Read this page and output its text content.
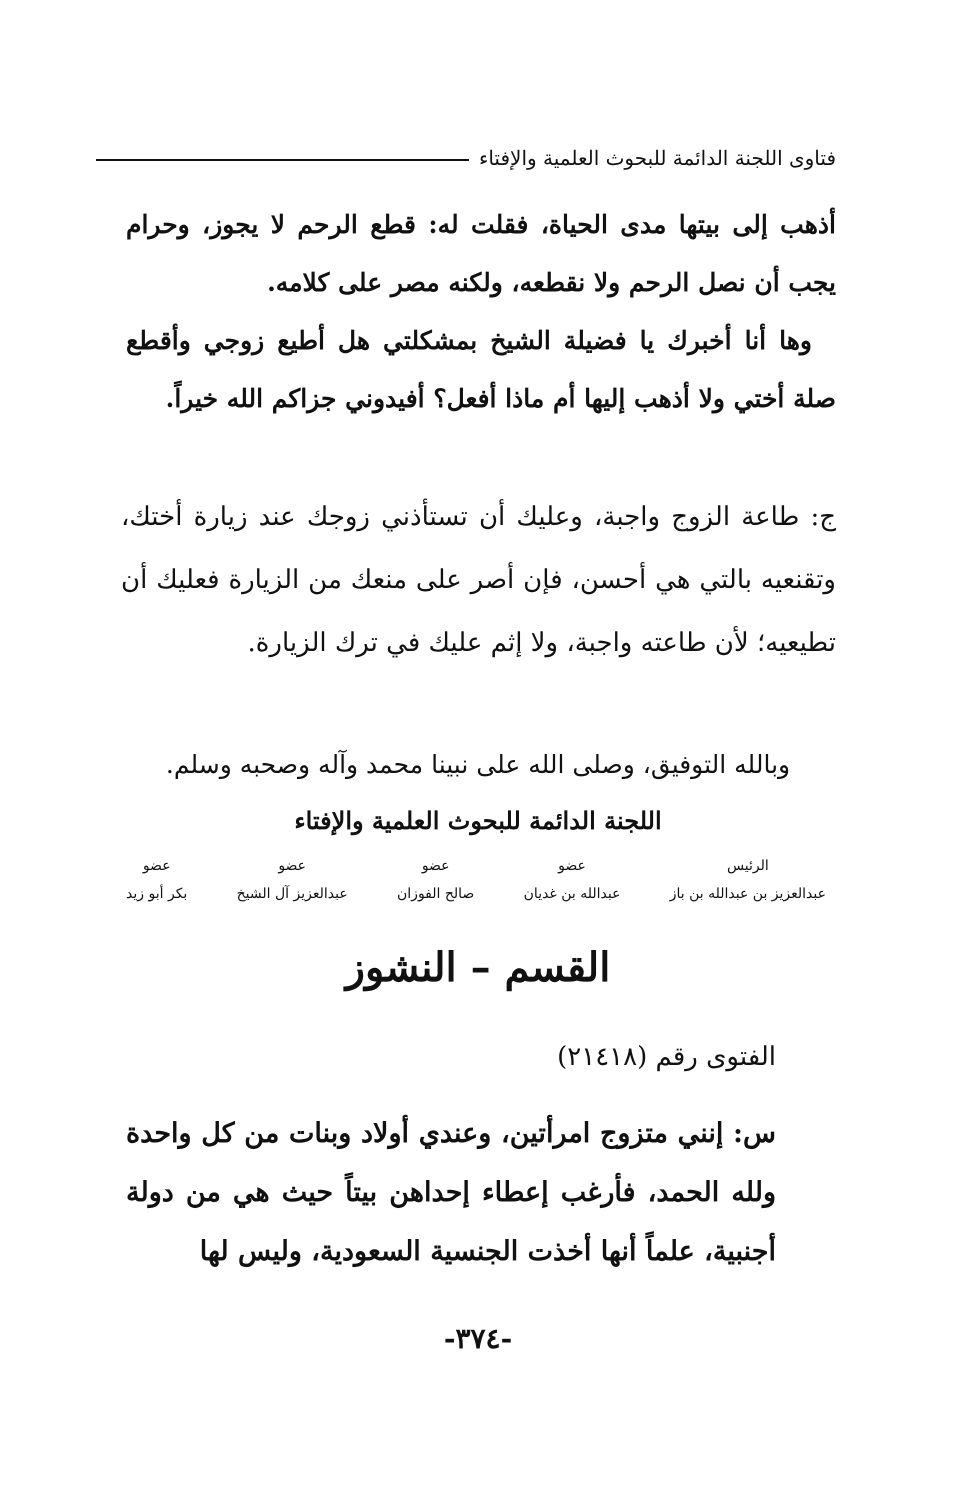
فتاوى اللجنة الدائمة للبحوث العلمية والإفتاء
أذهب إلى بيتها مدى الحياة، فقلت له: قطع الرحم لا يجوز، وحرام يجب أن نصل الرحم ولا نقطعه، ولكنه مصر على كلامه.
وها أنا أخبرك يا فضيلة الشيخ بمشكلتي هل أطيع زوجي وأقطع صلة أختي ولا أذهب إليها أم ماذا أفعل؟ أفيدوني جزاكم الله خيراً.
ج: طاعة الزوج واجبة، وعليك أن تستأذني زوجك عند زيارة أختك، وتقنعيه بالتي هي أحسن، فإن أصر على منعك من الزيارة فعليك أن تطيعيه؛ لأن طاعته واجبة، ولا إثم عليك في ترك الزيارة.
وبالله التوفيق، وصلى الله على نبينا محمد وآله وصحبه وسلم.
اللجنة الدائمة للبحوث العلمية والإفتاء
الرئيس
عبدالعزيز بن عبدالله بن باز
عضو
عبدالله بن غديان
عضو
صالح الفوزان
عضو
عبدالعزيز آل الشيخ
عضو
بكر أبو زيد
القسم – النشوز
الفتوى رقم (٢١٤١٨)
س: إنني متزوج امرأتين، وعندي أولاد وبنات من كل واحدة ولله الحمد، فأرغب إعطاء إحداهن بيتاً حيث هي من دولة أجنبية، علماً أنها أخذت الجنسية السعودية، وليس لها
-٣٧٤-
